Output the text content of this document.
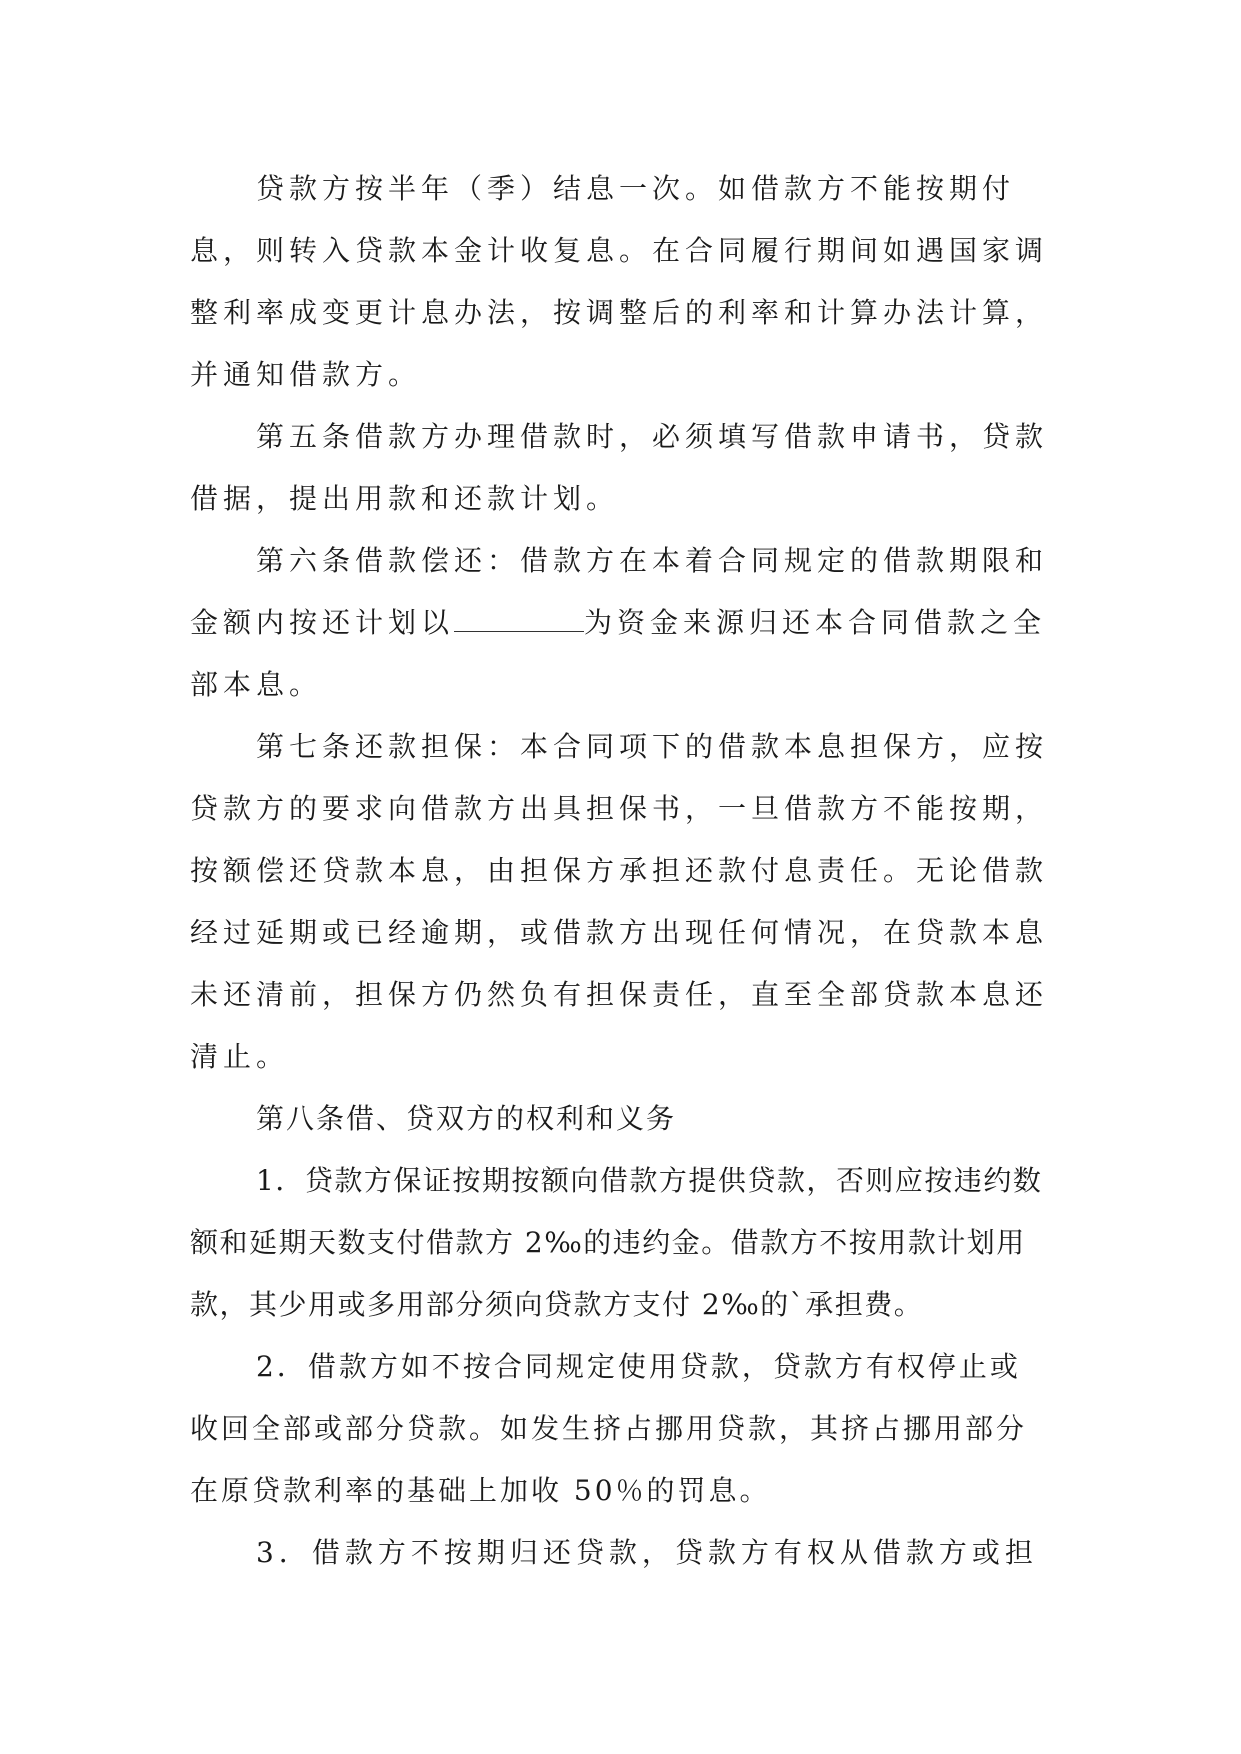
贷款方按半年（季）结息一次。如借款方不能按期付息，则转入贷款本金计收复息。在合同履行期间如遇国家调整利率成变更计息办法，按调整后的利率和计算办法计算，并通知借款方。

第五条借款方办理借款时，必须填写借款申请书，贷款借据，提出用款和还款计划。

第六条借款偿还：借款方在本着合同规定的借款期限和金额内按还计划以	为资金来源归还本合同借款之全部本息。

第七条还款担保：本合同项下的借款本息担保方，应按贷款方的要求向借款方出具担保书，一旦借款方不能按期，按额偿还贷款本息，由担保方承担还款付息责任。无论借款经过延期或已经逾期，或借款方出现任何情况，在贷款本息未还清前，担保方仍然负有担保责任，直至全部贷款本息还清止。

第八条借、贷双方的权利和义务

1．贷款方保证按期按额向借款方提供贷款，否则应按违约数额和延期天数支付借款方 2‰的违约金。借款方不按用款计划用款，其少用或多用部分须向贷款方支付 2‰的`承担费。

2．借款方如不按合同规定使用贷款，贷款方有权停止或收回全部或部分贷款。如发生挤占挪用贷款，其挤占挪用部分在原贷款利率的基础上加收 50％的罚息。

3．借款方不按期归还贷款，贷款方有权从借款方或担
